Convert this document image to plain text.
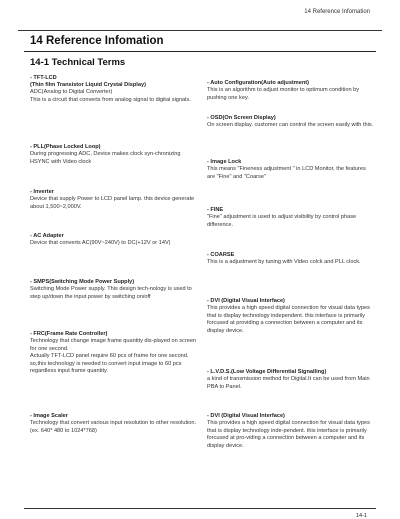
14 Reference Infomation
14 Reference Infomation
14-1 Technical Terms
- TFT-LCD
(Thin film Transistor Liquid Crystal Display)

ADC(Analog to Digital Converter)

This is a circuit that converts from analog signal to digital signals.

- PLL(Phase Locked Loop)

During progressing ADC, Device makes clock syn-chronizing HSYNC with Video clock

- Inverter

Device that supply Power to LCD panel lamp. this device generate about 1,500~2,000V.

- AC Adapter

Device that converts AC(90V~240V) to DC(+12V or 14V)

- SMPS(Switching Mode Power Supply)

Switching Mode Power supply. This design tech-nology is used to step up/down the input power by switching on/off

- FRC(Frame Rate Controller)

Technology that change image frame quantity dis-played on screen for one second.

Actually TFT-LCD panel require 60 pcs of frame for one second.

so,this technology is needed to convert input image to 60 pcs regardless input frame quantity.

- Image Scaler

Technology that convert various input resolution to other resolution.(ex. 640* 480 to 1024*768)

- Auto Configuration(Auto adjustment)

This is an algorithm to adjust monitor to optimum condition by pushing one key.

- OSD(On Screen Display)

On screen display. customer can control the screen easily with this.

- Image Lock

This means "Fineness adjustment " in LCD Monitor, the features are "Fine" and "Coarse"

- FINE

"Fine" adjustment is used to adjust visibility by control phase difference.

- COARSE

This is a adjustment by tuning with Video colck and PLL clock.

- DVI (Digital Visual Interface)

This provides a high speed digital connection for visual data types that is display technology independent. this interface is primarily forcused at providing a connection between a computer and its display device.

- L.V.D.S.(Low Voltage Differential Signalling)

a kind of transmission method for Digital.It can be used from Main PBA to Panel.

- DVI (Digital Visual Interface)

This provides a high speed digital connection for visual data types that is display technology inde-pendent. this interface is primarily forcused at pro-viding a connection between a computer and its display device.

14-1
